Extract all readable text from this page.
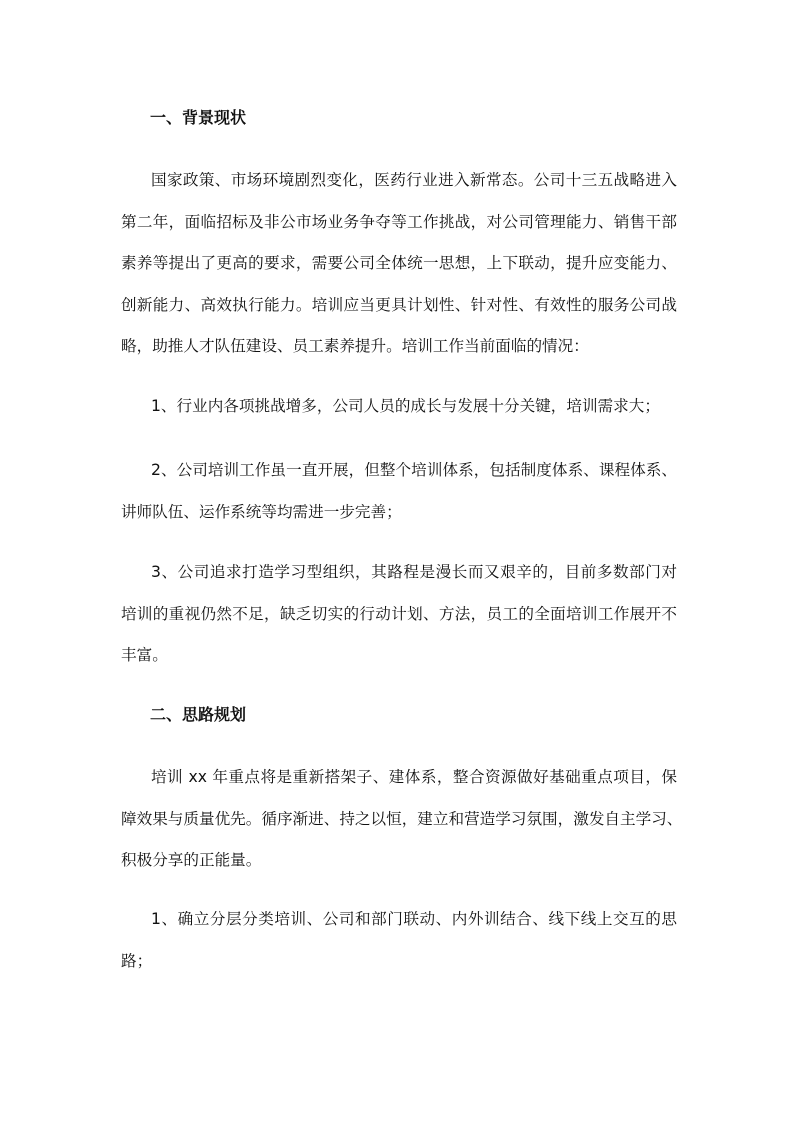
一、背景现状
国家政策、市场环境剧烈变化，医药行业进入新常态。公司十三五战略进入
第二年，面临招标及非公市场业务争夺等工作挑战，对公司管理能力、销售干部
素养等提出了更高的要求，需要公司全体统一思想，上下联动，提升应变能力、
创新能力、高效执行能力。培训应当更具计划性、针对性、有效性的服务公司战
略，助推人才队伍建设、员工素养提升。培训工作当前面临的情况：
1、行业内各项挑战增多，公司人员的成长与发展十分关键，培训需求大；
2、公司培训工作虽一直开展，但整个培训体系，包括制度体系、课程体系、
讲师队伍、运作系统等均需进一步完善；
3、公司追求打造学习型组织，其路程是漫长而又艰辛的，目前多数部门对
培训的重视仍然不足，缺乏切实的行动计划、方法，员工的全面培训工作展开不
丰富。
二、思路规划
培训 xx 年重点将是重新搭架子、建体系，整合资源做好基础重点项目，保
障效果与质量优先。循序渐进、持之以恒，建立和营造学习氛围，激发自主学习、
积极分享的正能量。
1、确立分层分类培训、公司和部门联动、内外训结合、线下线上交互的思
路；
